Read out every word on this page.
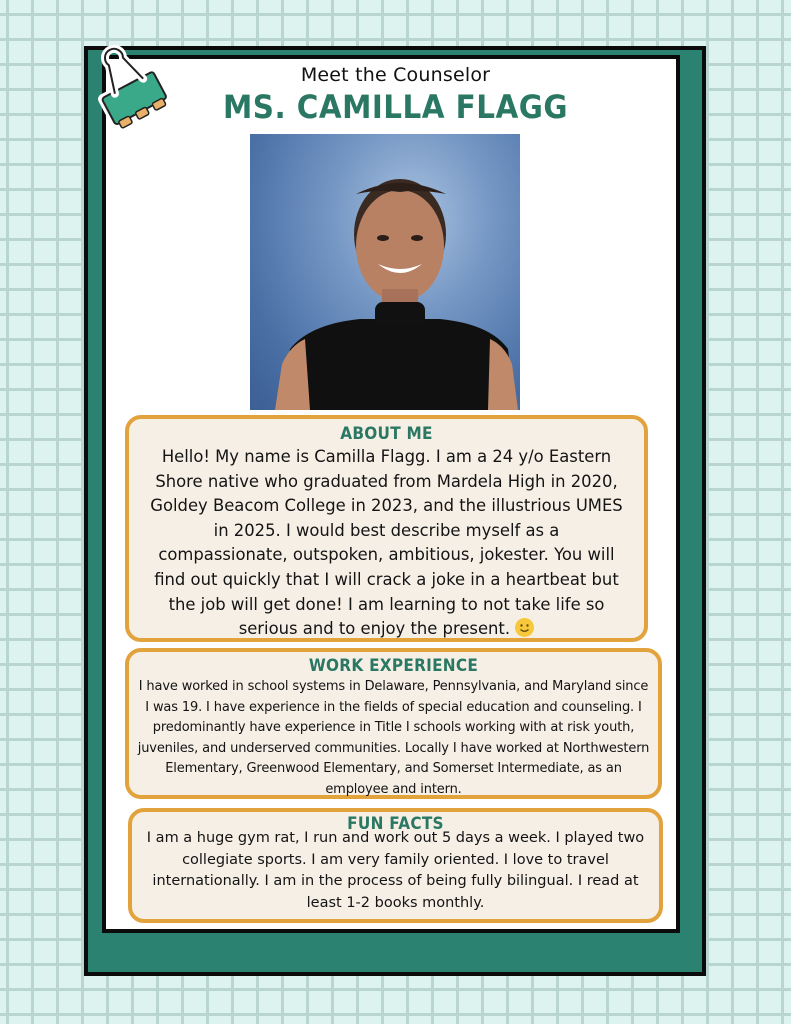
Meet the Counselor
MS. CAMILLA FLAGG
ABOUT ME

Hello! My name is Camilla Flagg. I am a 24 y/o Eastern Shore native who graduated from Mardela High in 2020, Goldey Beacom College in 2023, and the illustrious UMES in 2025. I would best describe myself as a compassionate, outspoken, ambitious, jokester. You will find out quickly that I will crack a joke in a heartbeat but the job will get done! I am learning to not take life so serious and to enjoy the present.

WORK EXPERIENCE

I have worked in school systems in Delaware, Pennsylvania, and Maryland since I was 19. I have experience in the fields of special education and counseling. I predominantly have experience in Title I schools working with at risk youth, juveniles, and underserved communities. Locally I have worked at Northwestern Elementary, Greenwood Elementary, and Somerset Intermediate, as an employee and intern.

FUN FACTS

I am a huge gym rat, I run and work out 5 days a week. I played two collegiate sports. I am very family oriented. I love to travel internationally. I am in the process of being fully bilingual. I read at least 1-2 books monthly.
